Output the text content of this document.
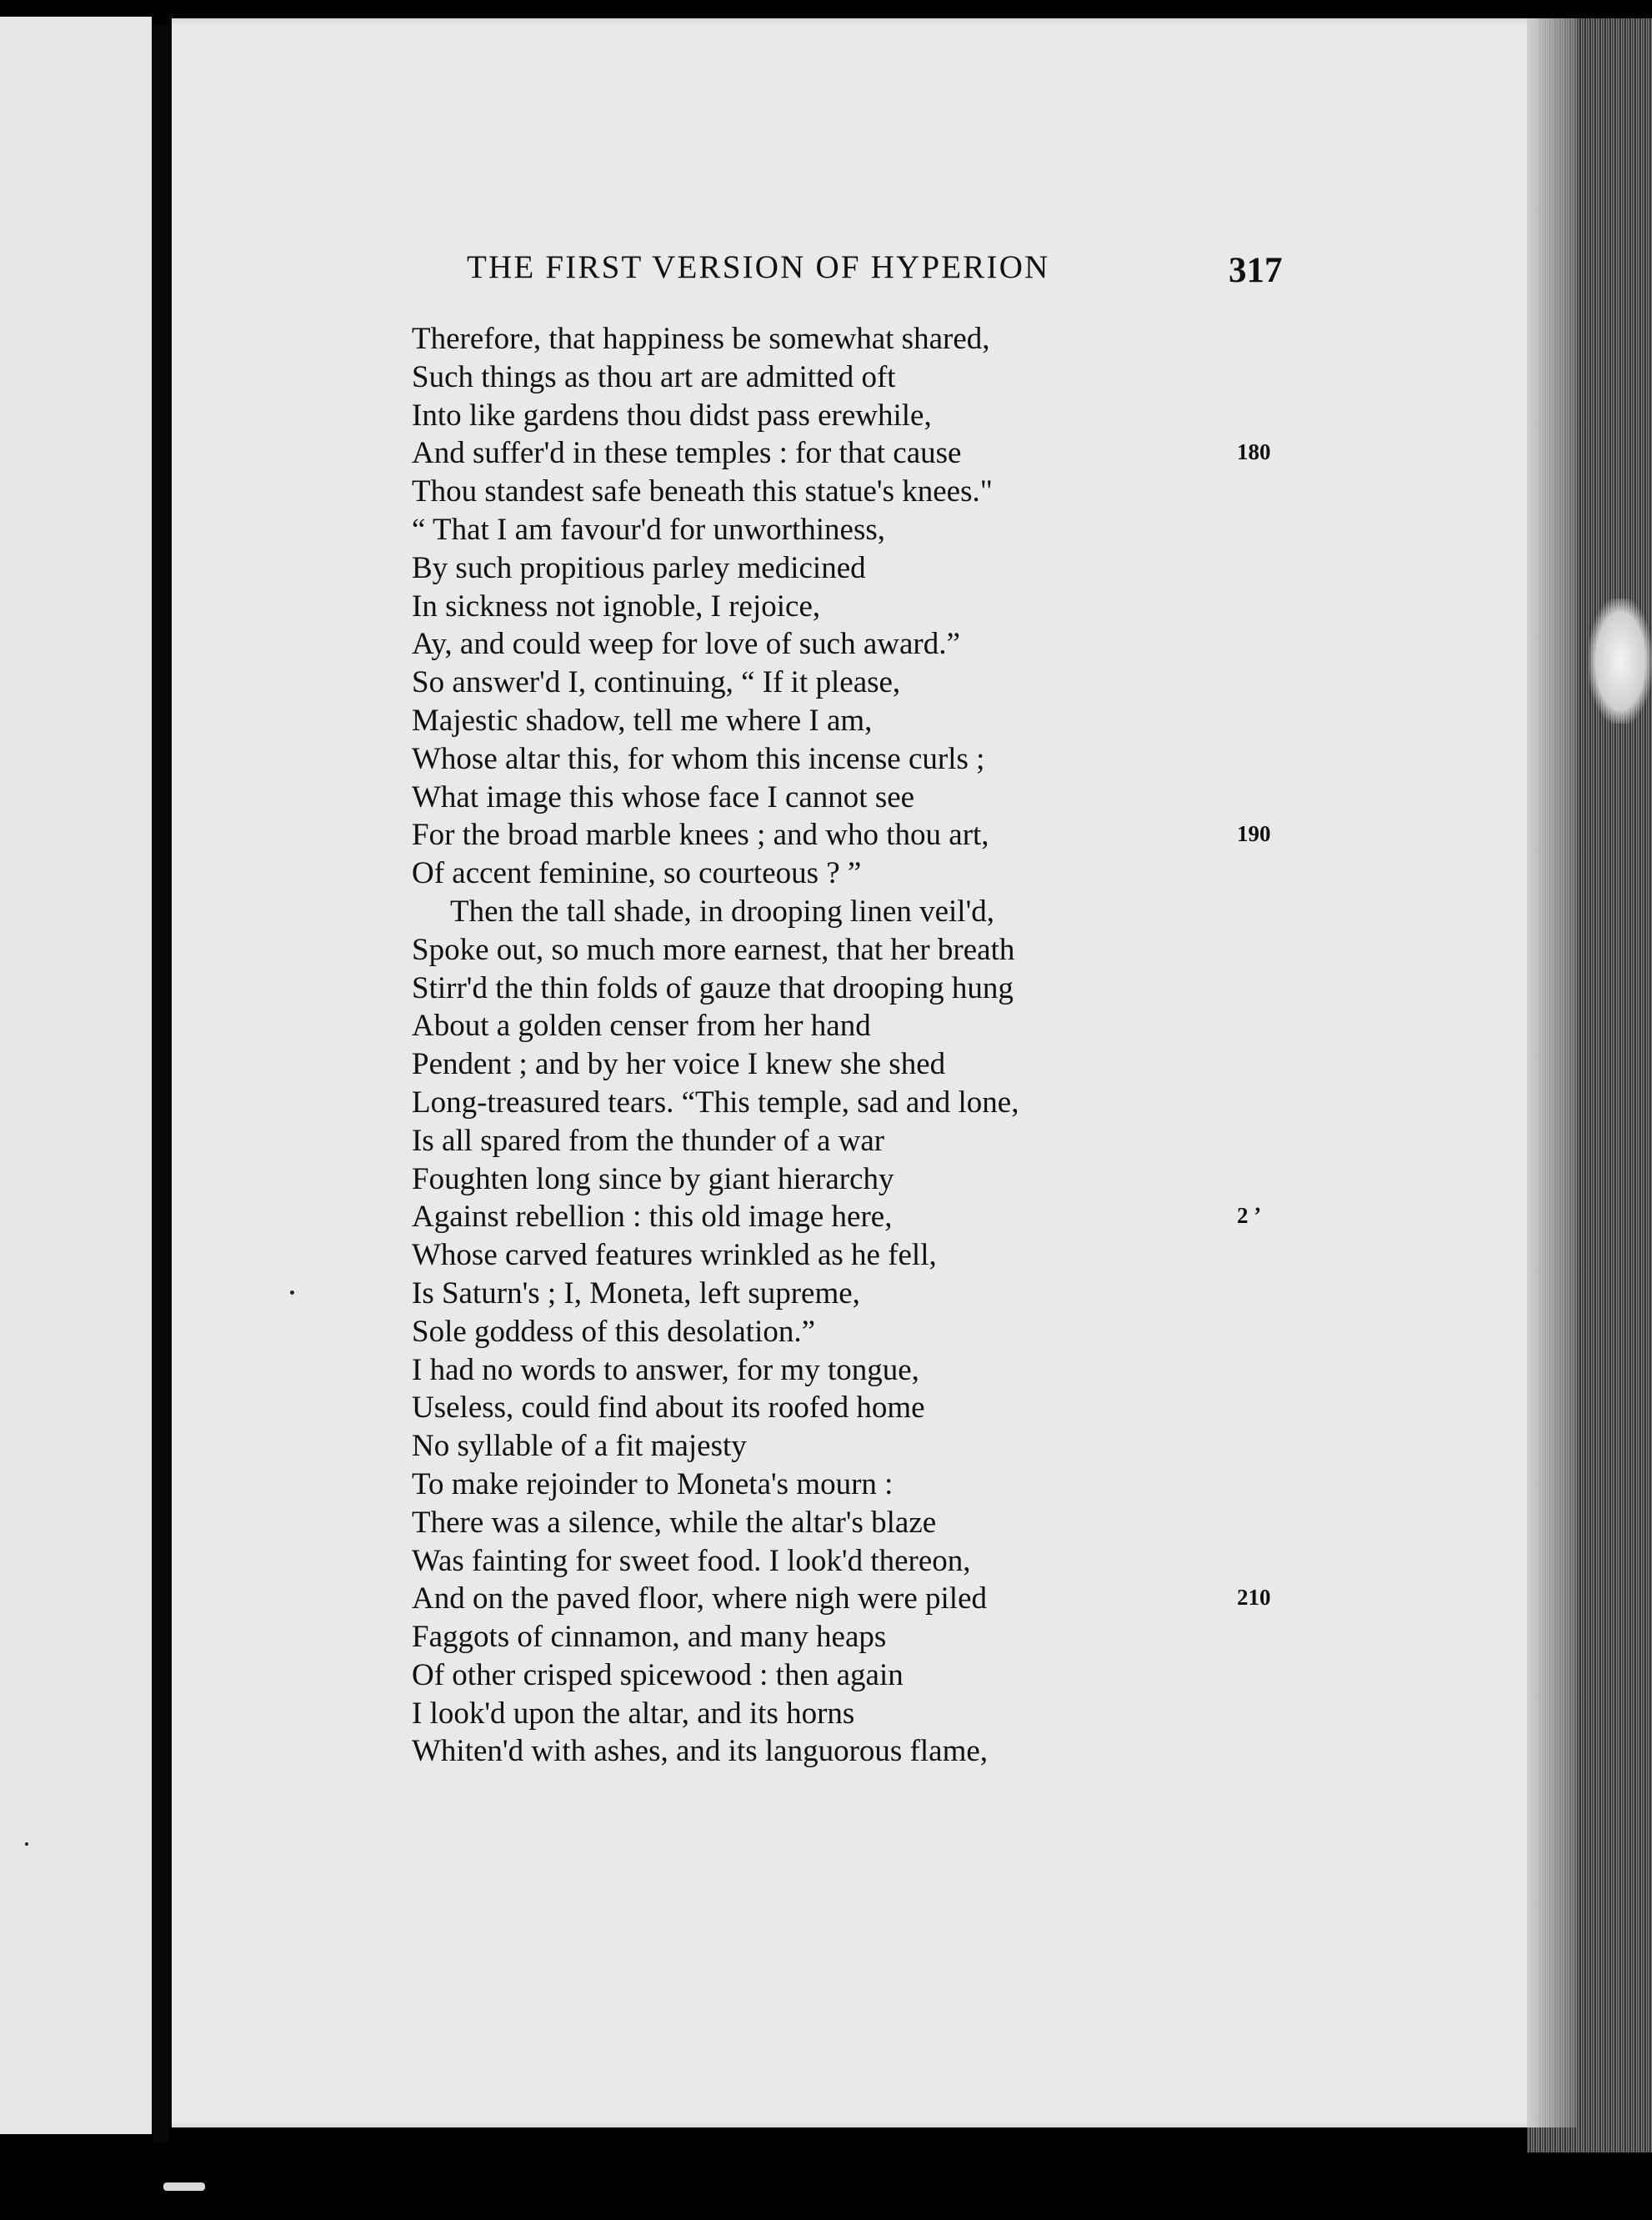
THE FIRST VERSION OF HYPERION	317
Therefore, that happiness be somewhat shared,
Such things as thou art are admitted oft
Into like gardens thou didst pass erewhile,
And suffer'd in these temples : for that cause
Thou standest safe beneath this statue's knees."
“ That I am favour'd for unworthiness,
By such propitious parley medicined
In sickness not ignoble, I rejoice,
Ay, and could weep for love of such award.”
So answer'd I, continuing, “ If it please,
Majestic shadow, tell me where I am,
Whose altar this, for whom this incense curls ;
What image this whose face I cannot see
For the broad marble knees ; and who thou art,
Of accent feminine, so courteous ? ”
Then the tall shade, in drooping linen veil'd,
Spoke out, so much more earnest, that her breath
Stirr'd the thin folds of gauze that drooping hung
About a golden censer from her hand
Pendent ; and by her voice I knew she shed
Long-treasured tears. “This temple, sad and lone,
Is all spared from the thunder of a war
Foughten long since by giant hierarchy
Against rebellion : this old image here,
Whose carved features wrinkled as he fell,
Is Saturn's ; I, Moneta, left supreme,
Sole goddess of this desolation.”
I had no words to answer, for my tongue,
Useless, could find about its roofed home
No syllable of a fit majesty
To make rejoinder to Moneta's mourn :
There was a silence, while the altar's blaze
Was fainting for sweet food. I look'd thereon,
And on the paved floor, where nigh were piled
Faggots of cinnamon, and many heaps
Of other crisped spicewood : then again
I look'd upon the altar, and its horns
Whiten'd with ashes, and its languorous flame,
180
190
2 ʼ
210
